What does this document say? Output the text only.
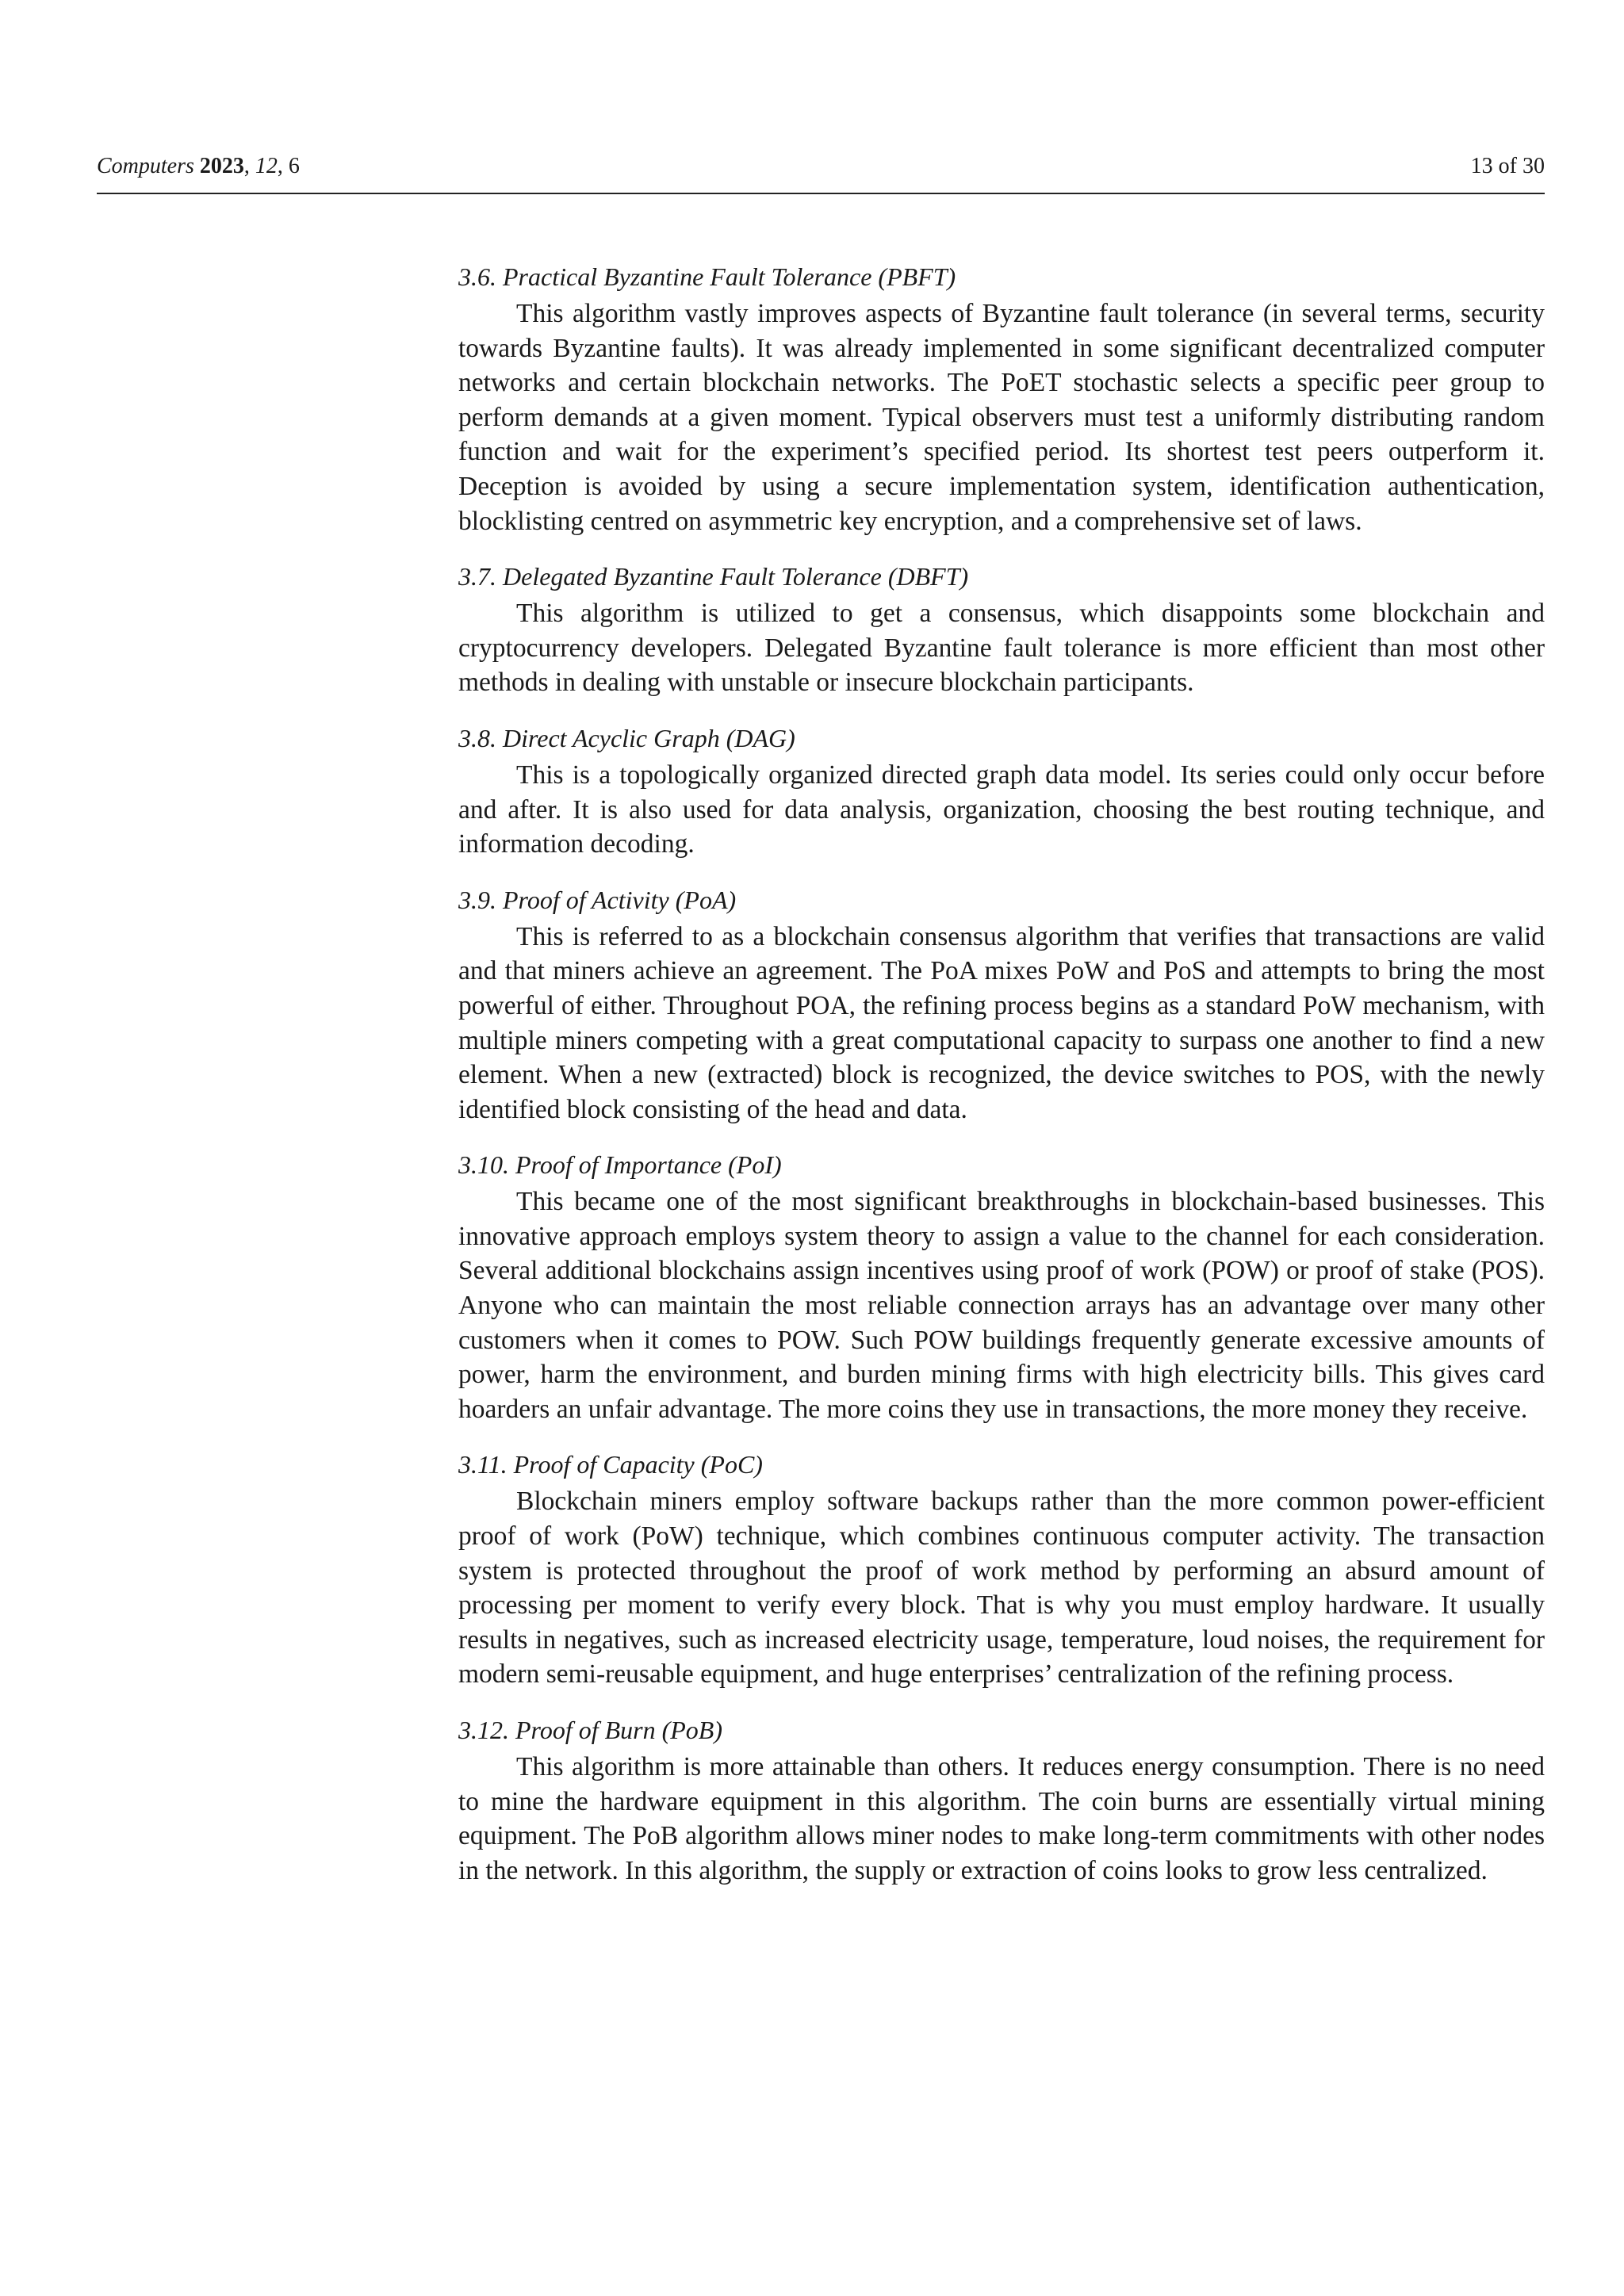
Computers 2023, 12, 6	13 of 30
3.6. Practical Byzantine Fault Tolerance (PBFT)

This algorithm vastly improves aspects of Byzantine fault tolerance (in several terms, security towards Byzantine faults). It was already implemented in some significant decentralized computer networks and certain blockchain networks. The PoET stochastic selects a specific peer group to perform demands at a given moment. Typical observers must test a uniformly distributing random function and wait for the experiment’s specified period. Its shortest test peers outperform it. Deception is avoided by using a secure implementation system, identification authentication, blocklisting centred on asymmetric key encryption, and a comprehensive set of laws.

3.7. Delegated Byzantine Fault Tolerance (DBFT)

This algorithm is utilized to get a consensus, which disappoints some blockchain and cryptocurrency developers. Delegated Byzantine fault tolerance is more efficient than most other methods in dealing with unstable or insecure blockchain participants.

3.8. Direct Acyclic Graph (DAG)

This is a topologically organized directed graph data model. Its series could only occur before and after. It is also used for data analysis, organization, choosing the best routing technique, and information decoding.

3.9. Proof of Activity (PoA)

This is referred to as a blockchain consensus algorithm that verifies that transactions are valid and that miners achieve an agreement. The PoA mixes PoW and PoS and attempts to bring the most powerful of either. Throughout POA, the refining process begins as a standard PoW mechanism, with multiple miners competing with a great computational capacity to surpass one another to find a new element. When a new (extracted) block is recognized, the device switches to POS, with the newly identified block consisting of the head and data.

3.10. Proof of Importance (PoI)

This became one of the most significant breakthroughs in blockchain-based businesses. This innovative approach employs system theory to assign a value to the channel for each consideration. Several additional blockchains assign incentives using proof of work (POW) or proof of stake (POS). Anyone who can maintain the most reliable connection arrays has an advantage over many other customers when it comes to POW. Such POW buildings frequently generate excessive amounts of power, harm the environment, and burden mining firms with high electricity bills. This gives card hoarders an unfair advantage. The more coins they use in transactions, the more money they receive.

3.11. Proof of Capacity (PoC)

Blockchain miners employ software backups rather than the more common power-efficient proof of work (PoW) technique, which combines continuous computer activity. The transaction system is protected throughout the proof of work method by performing an absurd amount of processing per moment to verify every block. That is why you must employ hardware. It usually results in negatives, such as increased electricity usage, temperature, loud noises, the requirement for modern semi-reusable equipment, and huge enterprises’ centralization of the refining process.

3.12. Proof of Burn (PoB)

This algorithm is more attainable than others. It reduces energy consumption. There is no need to mine the hardware equipment in this algorithm. The coin burns are essentially virtual mining equipment. The PoB algorithm allows miner nodes to make long-term commitments with other nodes in the network. In this algorithm, the supply or extraction of coins looks to grow less centralized.
